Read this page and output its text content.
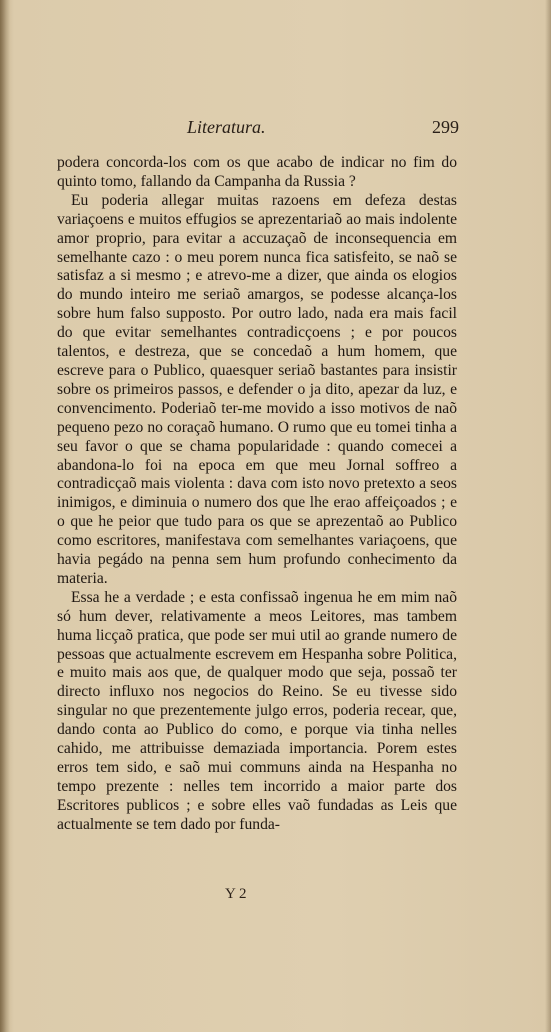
Literatura.	299

podera concorda-los com os que acabo de indicar no fim do quinto tomo, fallando da Campanha da Russia ?

Eu poderia allegar muitas razoens em defeza destas variaçoens e muitos effugios se aprezentariaõ ao mais indolente amor proprio, para evitar a accuzaçaõ de inconsequencia em semelhante cazo : o meu porem nunca fica satisfeito, se naõ se satisfaz a si mesmo ; e atrevo-me a dizer, que ainda os elogios do mundo inteiro me seriaõ amargos, se podesse alcança-los sobre hum falso supposto. Por outro lado, nada era mais facil do que evitar semelhantes contradicçoens ; e por poucos talentos, e destreza, que se concedaõ a hum homem, que escreve para o Publico, quaesquer seriaõ bastantes para insistir sobre os primeiros passos, e defender o ja dito, apezar da luz, e convencimento. Poderiaõ ter-me movido a isso motivos de naõ pequeno pezo no coraçaõ humano. O rumo que eu tomei tinha a seu favor o que se chama popularidade : quando comecei a abandona-lo foi na epoca em que meu Jornal soffreo a contradicçaõ mais violenta : dava com isto novo pretexto a seos inimigos, e diminuia o numero dos que lhe erao affeiçoados ; e o que he peior que tudo para os que se aprezentaõ ao Publico como escritores, manifestava com semelhantes variaçoens, que havia pegádo na penna sem hum profundo conhecimento da materia.

Essa he a verdade ; e esta confissaõ ingenua he em mim naõ só hum dever, relativamente a meos Leitores, mas tambem huma licçaõ pratica, que pode ser mui util ao grande numero de pessoas que actualmente escrevem em Hespanha sobre Politica, e muito mais aos que, de qualquer modo que seja, possaõ ter directo influxo nos negocios do Reino. Se eu tivesse sido singular no que prezentemente julgo erros, poderia recear, que, dando conta ao Publico do como, e porque via tinha nelles cahido, me attribuisse demaziada importancia. Porem estes erros tem sido, e saõ mui communs ainda na Hespanha no tempo prezente : nelles tem incorrido a maior parte dos Escritores publicos ; e sobre elles vaõ fundadas as Leis que actualmente se tem dado por funda-

Y 2
